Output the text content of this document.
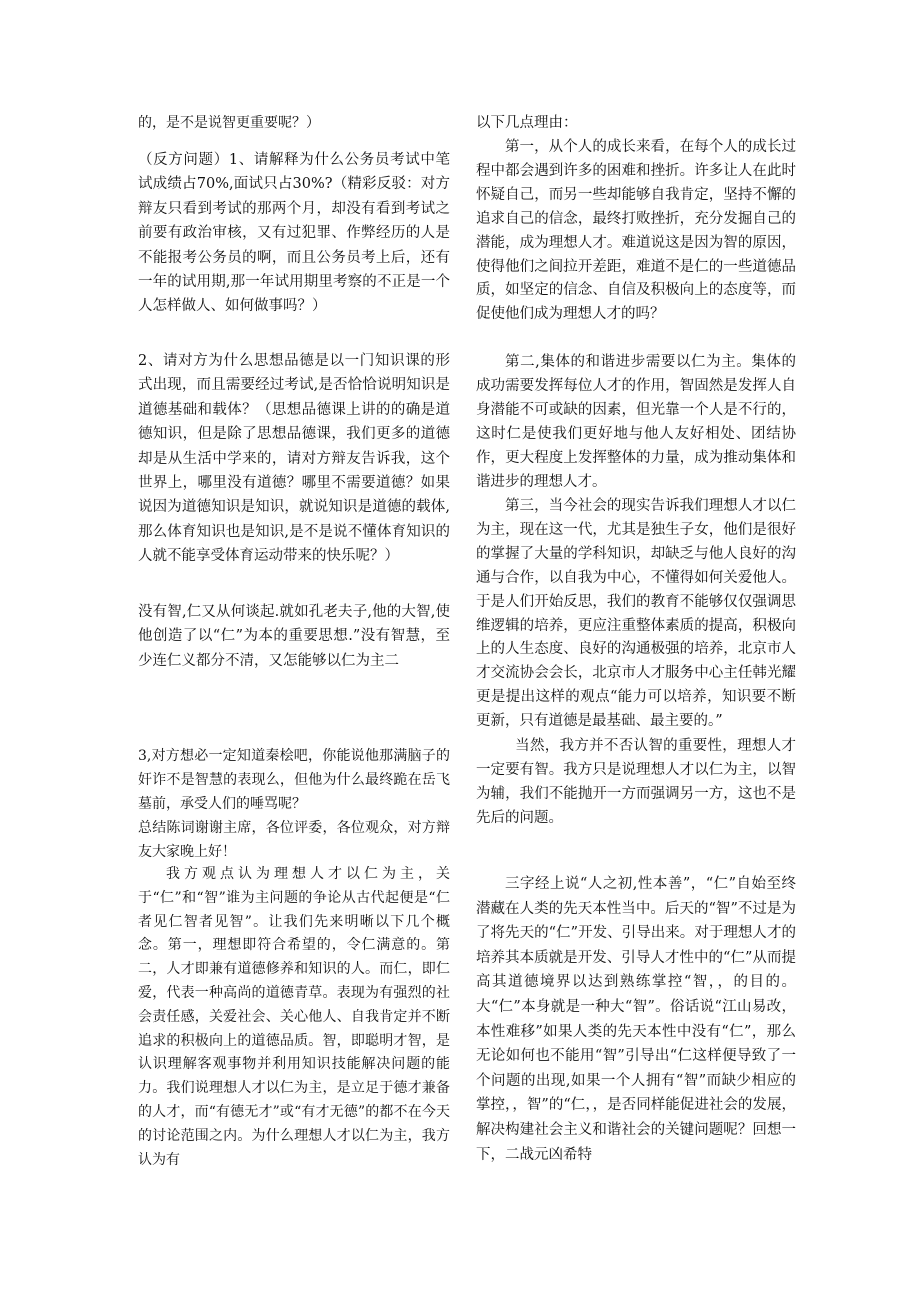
的，是不是说智更重要呢？）

（反方问题）1、请解释为什么公务员考试中笔试成绩占70%,面试只占30%?（精彩反驳：对方辩友只看到考试的那两个月，却没有看到考试之前要有政治审核，又有过犯罪、作弊经历的人是不能报考公务员的啊，而且公务员考上后，还有一年的试用期,那一年试用期里考察的不正是一个人怎样做人、如何做事吗？）

2、请对方为什么思想品德是以一门知识课的形式出现，而且需要经过考试,是否恰恰说明知识是道德基础和载体？（思想品德课上讲的的确是道德知识，但是除了思想品德课，我们更多的道德却是从生活中学来的，请对方辩友告诉我，这个世界上，哪里没有道德？哪里不需要道德？如果说因为道德知识是知识，就说知识是道德的载体,那么体育知识也是知识,是不是说不懂体育知识的人就不能享受体育运动带来的快乐呢？）

没有智,仁又从何谈起.就如孔老夫子,他的大智,使他创造了以“仁”为本的重要思想.”没有智慧，至少连仁义都分不清，又怎能够以仁为主二

3,对方想必一定知道秦桧吧，你能说他那满脑子的奸诈不是智慧的表现么，但他为什么最终跪在岳飞墓前，承受人们的唾骂呢？

总结陈词谢谢主席，各位评委，各位观众，对方辩友大家晚上好！

我方观点认为理想人才以仁为主，关于“仁”和“智”谁为主问题的争论从古代起便是“仁者见仁智者见智”。让我们先来明晰以下几个概念。第一，理想即符合希望的，令仁满意的。第二，人才即兼有道德修养和知识的人。而仁，即仁爱，代表一种高尚的道德青草。表现为有强烈的社会责任感，关爱社会、关心他人、自我肯定并不断追求的积极向上的道德品质。智，即聪明才智，是认识理解客观事物并利用知识技能解决问题的能力。我们说理想人才以仁为主，是立足于德才兼备的人才，而“有德无才”或“有才无德”的都不在今天的讨论范围之内。为什么理想人才以仁为主，我方认为有

以下几点理由：

第一，从个人的成长来看，在每个人的成长过程中都会遇到许多的困难和挫折。许多让人在此时怀疑自己，而另一些却能够自我肯定，坚持不懈的追求自己的信念，最终打败挫折，充分发掘自己的潜能，成为理想人才。难道说这是因为智的原因，使得他们之间拉开差距，难道不是仁的一些道德品质，如坚定的信念、自信及积极向上的态度等，而促使他们成为理想人才的吗？

第二,集体的和谐进步需要以仁为主。集体的成功需要发挥每位人才的作用，智固然是发挥人自身潜能不可或缺的因素，但光靠一个人是不行的，这时仁是使我们更好地与他人友好相处、团结协作，更大程度上发挥整体的力量，成为推动集体和谐进步的理想人才。

第三，当今社会的现实告诉我们理想人才以仁为主，现在这一代，尤其是独生子女，他们是很好的掌握了大量的学科知识，却缺乏与他人良好的沟通与合作，以自我为中心，不懂得如何关爱他人。于是人们开始反思，我们的教育不能够仅仅强调思维逻辑的培养，更应注重整体素质的提高，积极向上的人生态度、良好的沟通极强的培养，北京市人才交流协会会长，北京市人才服务中心主任韩光耀更是提出这样的观点“能力可以培养，知识要不断更新，只有道德是最基础、最主要的。”

当然，我方并不否认智的重要性，理想人才一定要有智。我方只是说理想人才以仁为主，以智为辅，我们不能抛开一方而强调另一方，这也不是先后的问题。

三字经上说“人之初,性本善”，“仁”自始至终潜藏在人类的先天本性当中。后天的“智”不过是为了将先天的“仁”开发、引导出来。对于理想人才的培养其本质就是开发、引导人才性中的“仁”从而提高其道德境界以达到熟练掌控“智，，的目的。大“仁”本身就是一种大“智”。俗话说“江山易改，本性难移”如果人类的先天本性中没有“仁”，那么无论如何也不能用“智”引导出“仁这样便导致了一个问题的出现,如果一个人拥有“智”而缺少相应的掌控，，智”的“仁，，是否同样能促进社会的发展，解决构建社会主义和谐社会的关键问题呢？回想一下，二战元凶希特
